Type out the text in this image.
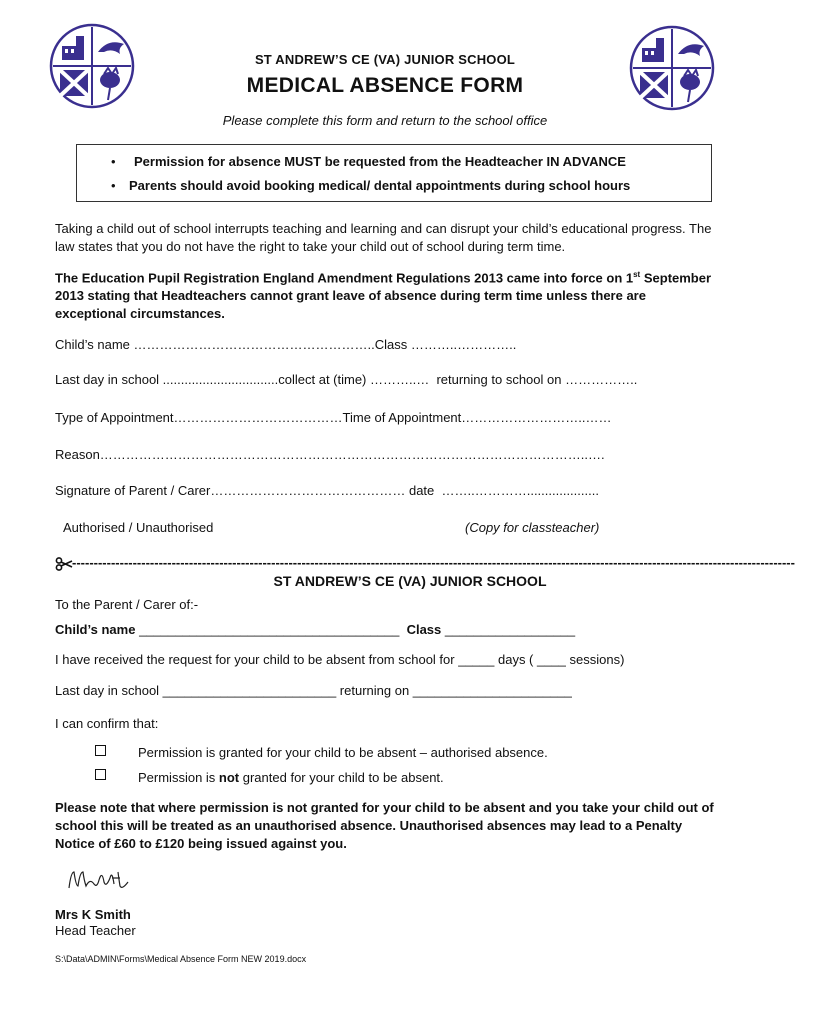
ST ANDREW’S CE (VA) JUNIOR SCHOOL
MEDICAL ABSENCE FORM
Please complete this form and return to the school office
• Permission for absence MUST be requested from the Headteacher IN ADVANCE
• Parents should avoid booking medical/ dental appointments during school hours
Taking a child out of school interrupts teaching and learning and can disrupt your child’s educational progress. The law states that you do not have the right to take your child out of school during term time.
The Education Pupil Registration England Amendment Regulations 2013 came into force on 1st September 2013 stating that Headteachers cannot grant leave of absence during term time unless there are exceptional circumstances.
Child’s name ………………………………………………..Class ………..…………..
Last day in school ................................collect at (time) ………..…  returning to school on ……………..
Type of Appointment…………………………………Time of Appointment………………………..……
Reason…………………………………………………………………………………………………..….
Signature of Parent / Carer……………………………………… date  ……..…………....................
Authorised / Unauthorised	(Copy for classteacher)
-----------------------------------------------------------------------------------------------------------------------------------------------------------------------
ST ANDREW’S CE (VA) JUNIOR SCHOOL
To the Parent / Carer of:-
Child’s name ____________________________________ Class __________________
I have received the request for your child to be absent from school for _____ days ( ____ sessions)
Last day in school ________________________ returning on ______________________
I can confirm that:
Permission is granted for your child to be absent – authorised absence.
Permission is not granted for your child to be absent.
Please note that where permission is not granted for your child to be absent and you take your child out of school this will be treated as an unauthorised absence. Unauthorised absences may lead to a Penalty Notice of £60 to £120 being issued against you.
Mrs K Smith
Head Teacher
S:\Data\ADMIN\Forms\Medical Absence Form NEW 2019.docx
